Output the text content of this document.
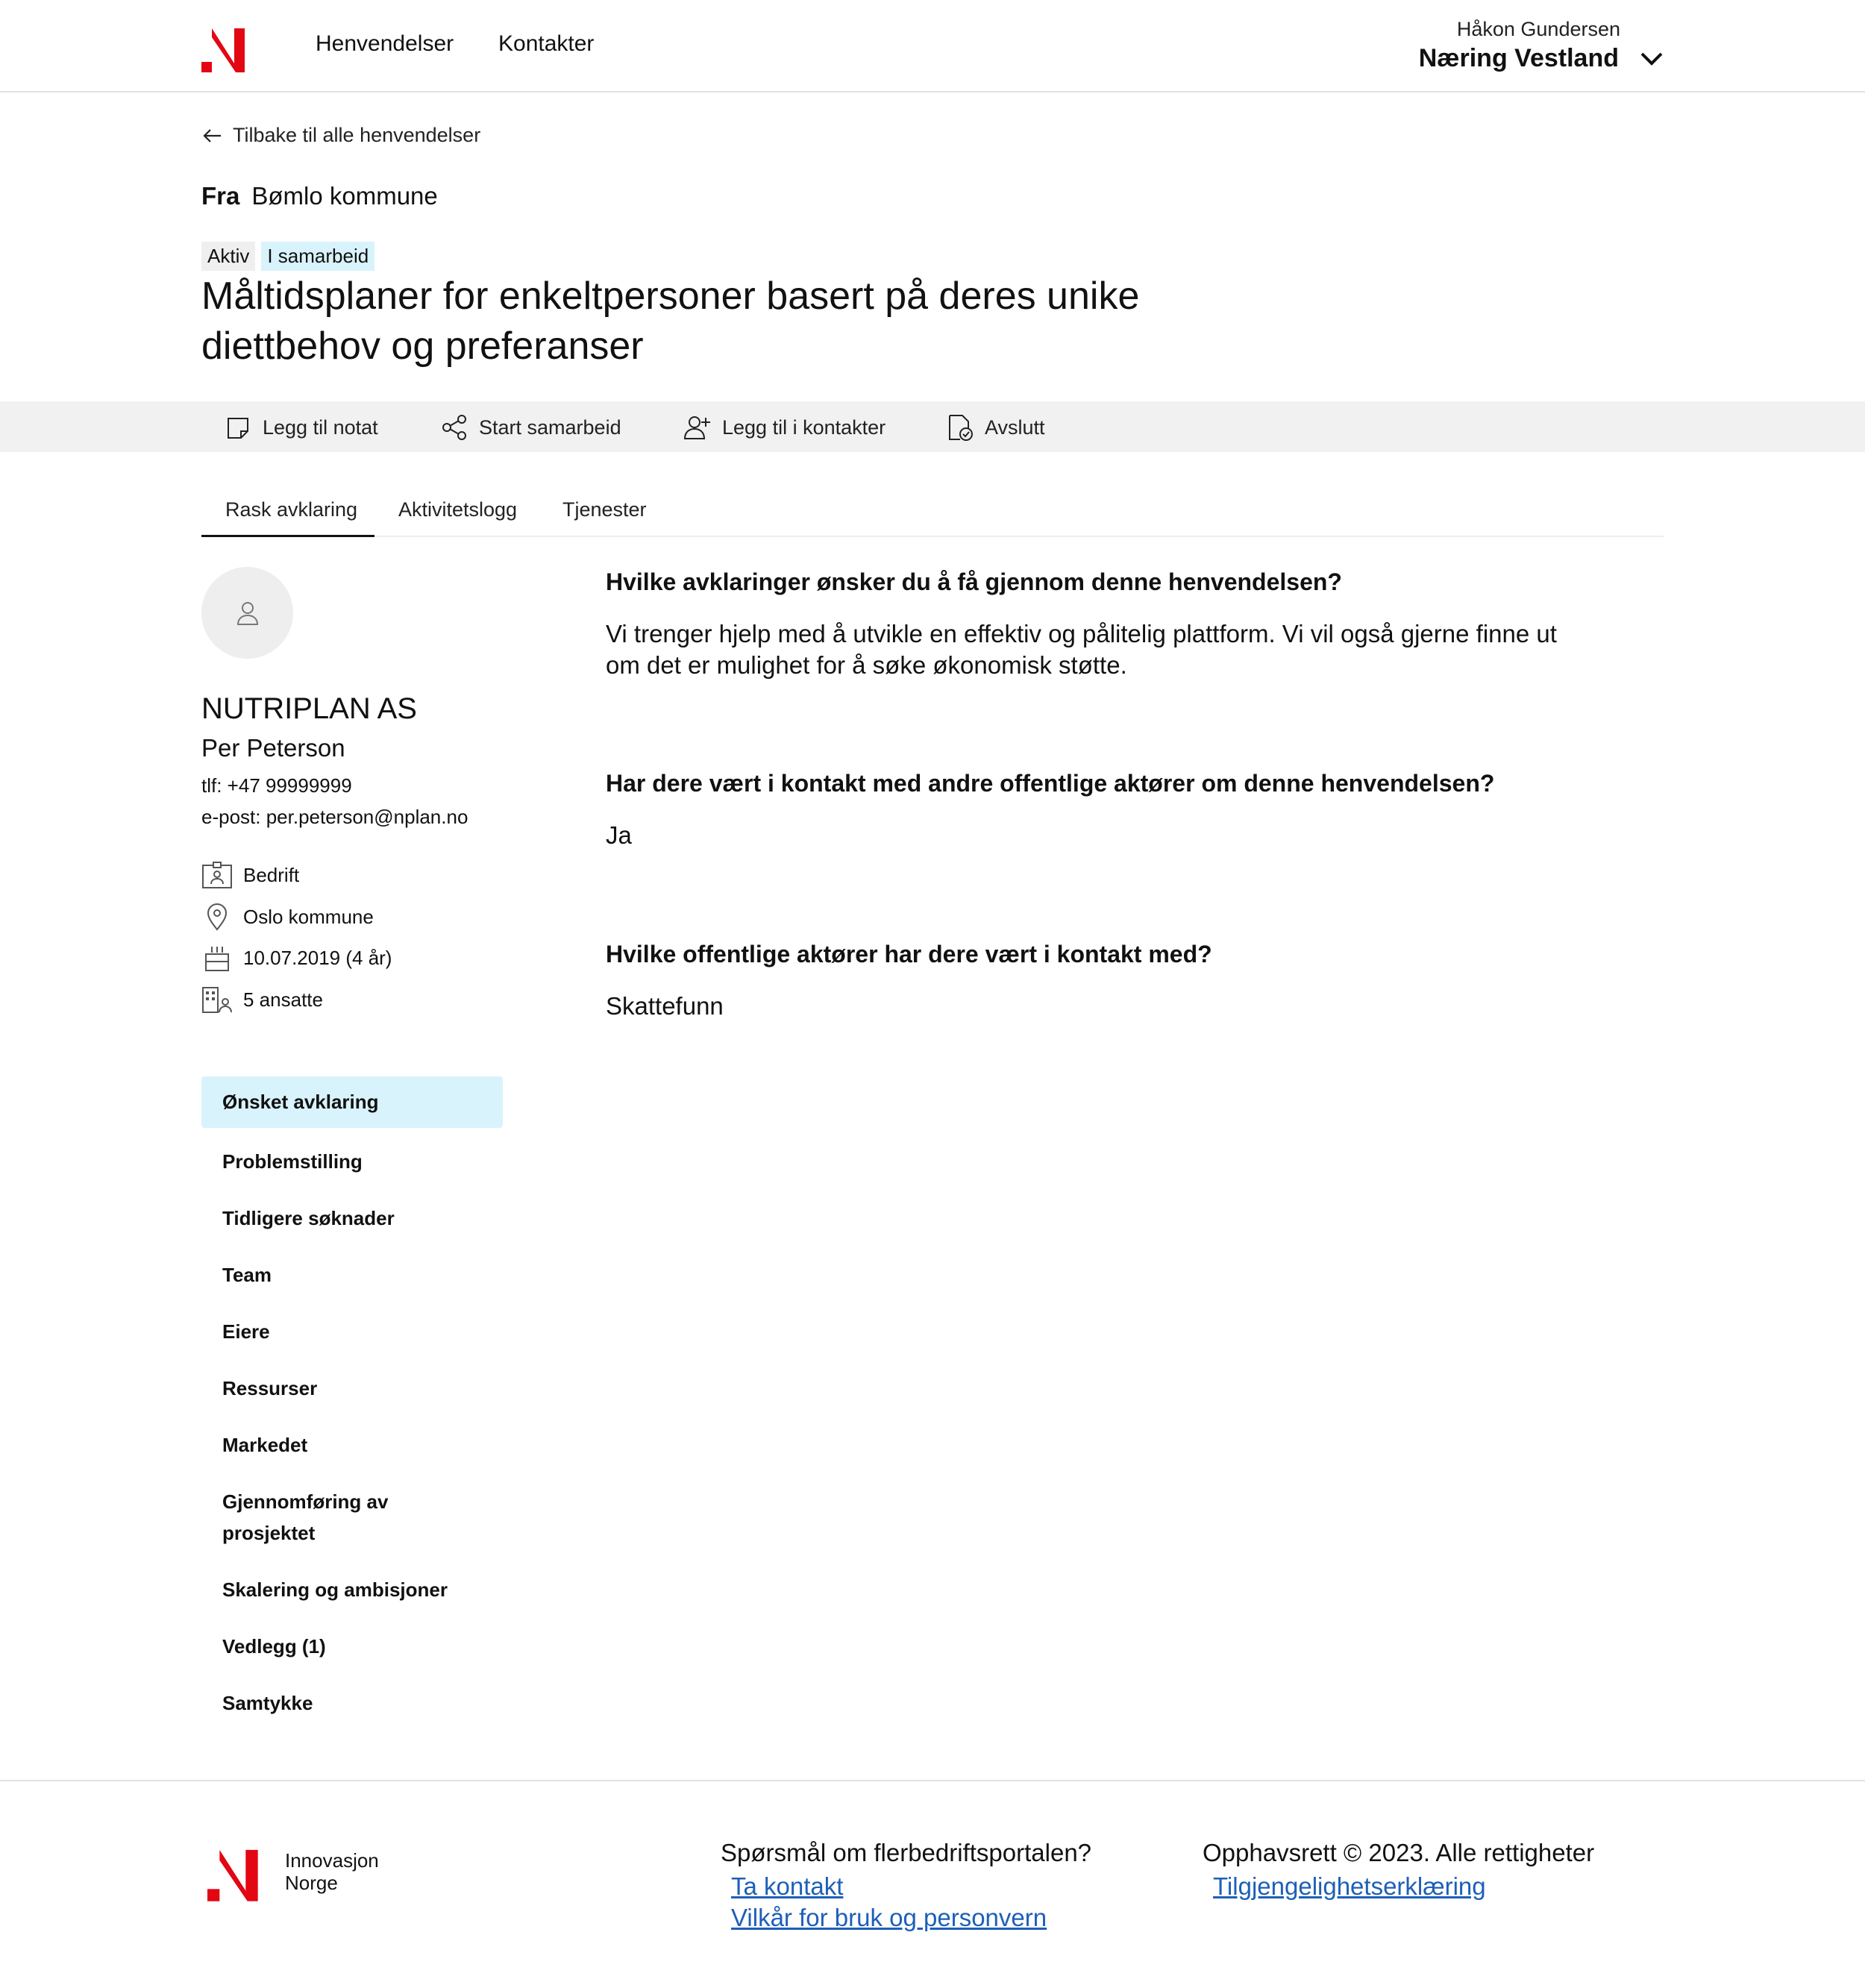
Henvendelser Kontakter
Håkon Gundersen
Næring Vestland
Tilbake til alle henvendelser
Fra Bømlo kommune
Aktiv I samarbeid
Måltidsplaner for enkeltpersoner basert på deres unike diettbehov og preferanser
Legg til notat	Start samarbeid	Legg til i kontakter	Avslutt
Rask avklaring Aktivitetslogg Tjenester
NUTRIPLAN AS
Per Peterson
tlf: +47 99999999
e-post: per.peterson@nplan.no
Bedrift
Oslo kommune
10.07.2019 (4 år)
5 ansatte
Ønsket avklaring
Problemstilling
Tidligere søknader
Team
Eiere
Ressurser
Markedet
Gjennomføring av prosjektet
Skalering og ambisjoner
Vedlegg (1)
Samtykke
Hvilke avklaringer ønsker du å få gjennom denne henvendelsen?
Vi trenger hjelp med å utvikle en effektiv og pålitelig plattform. Vi vil også gjerne finne ut om det er mulighet for å søke økonomisk støtte.
Har dere vært i kontakt med andre offentlige aktører om denne henvendelsen?
Ja
Hvilke offentlige aktører har dere vært i kontakt med?
Skattefunn
Innovasjon
Norge
Spørsmål om flerbedriftsportalen?
Ta kontakt
Vilkår for bruk og personvern
Opphavsrett © 2023. Alle rettigheter
Tilgjengelighetserklæring
